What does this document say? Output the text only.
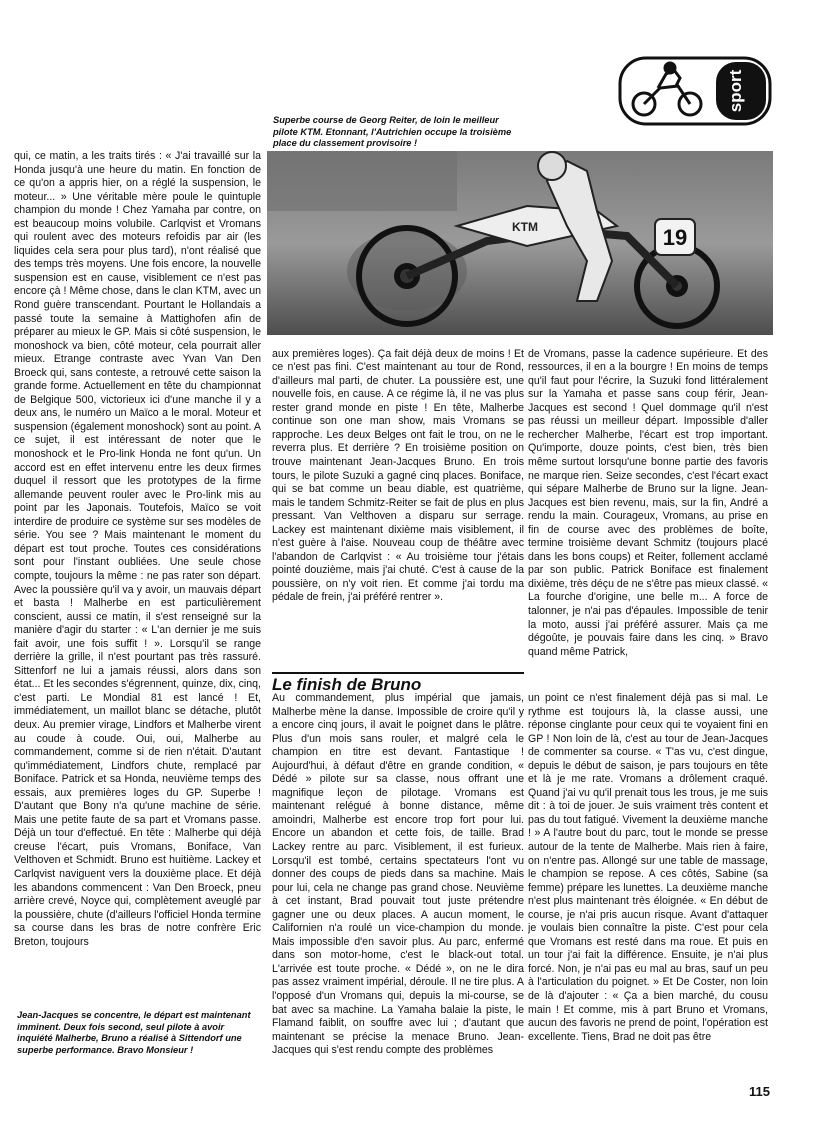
sport
Superbe course de Georg Reiter, de loin le meilleur pilote KTM. Etonnant, l'Autrichien occupe la troisième place du classement provisoire !
KTM	19

qui, ce matin, a les traits tirés : « J'ai travaillé sur la Honda jusqu'à une heure du matin. En fonction de ce qu'on a appris hier, on a réglé la suspension, le moteur... » Une véritable mère poule le quintuple champion du monde ! Chez Yamaha par contre, on est beaucoup moins volubile. Carlqvist et Vromans qui roulent avec des moteurs refoidis par air (les liquides cela sera pour plus tard), n'ont réalisé que des temps très moyens. Une fois encore, la nouvelle suspension est en cause, visiblement ce n'est pas encore çà ! Même chose, dans le clan KTM, avec un Rond guère transcendant. Pourtant le Hollandais a passé toute la semaine à Mattighofen afin de préparer au mieux le GP. Mais si côté suspension, le monoshock va bien, côté moteur, cela pourrait aller mieux. Etrange contraste avec Yvan Van Den Broeck qui, sans conteste, a retrouvé cette saison la grande forme. Actuellement en tête du championnat de Belgique 500, victorieux ici d'une manche il y a deux ans, le numéro un Maïco a le moral. Moteur et suspension (également monoshock) sont au point. A ce sujet, il est intéressant de noter que le monoshock et le Pro-link Honda ne font qu'un. Un accord est en effet intervenu entre les deux firmes duquel il ressort que les prototypes de la firme allemande peuvent rouler avec le Pro-link mis au point par les Japonais. Toutefois, Maïco se voit interdire de produire ce système sur ses modèles de série. You see ? Mais maintenant le moment du départ est tout proche. Toutes ces considérations sont pour l'instant oubliées. Une seule chose compte, toujours la même : ne pas rater son départ. Avec la poussière qu'il va y avoir, un mauvais départ et basta ! Malherbe en est particulièrement conscient, aussi ce matin, il s'est renseigné sur la manière d'agir du starter : « L'an dernier je me suis fait avoir, une fois suffit ! ». Lorsqu'il se range derrière la grille, il n'est pourtant pas très rassuré. Sittenforf ne lui a jamais réussi, alors dans son état... Et les secondes s'égrennent, quinze, dix, cinq, c'est parti. Le Mondial 81 est lancé ! Et, immédiatement, un maillot blanc se détache, plutôt deux. Au premier virage, Lindfors et Malherbe virent au coude à coude. Oui, oui, Malherbe au commandement, comme si de rien n'était. D'autant qu'immédiatement, Lindfors chute, remplacé par Boniface. Patrick et sa Honda, neuvième temps des essais, aux premières loges du GP. Superbe ! D'autant que Bony n'a qu'une machine de série. Mais une petite faute de sa part et Vromans passe. Déjà un tour d'effectué. En tête : Malherbe qui déjà creuse l'écart, puis Vromans, Boniface, Van Velthoven et Schmidt. Bruno est huitième. Lackey et Carlqvist naviguent vers la douxième place. Et déjà les abandons commencent : Van Den Broeck, pneu arrière crevé, Noyce qui, complètement aveuglé par la poussière, chute (d'ailleurs l'officiel Honda termine sa course dans les bras de notre confrère Eric Breton, toujours

aux premières loges). Ça fait déjà deux de moins ! Et ce n'est pas fini. C'est maintenant au tour de Rond, d'ailleurs mal parti, de chuter. La poussière est, une nouvelle fois, en cause. A ce régime là, il ne vas plus rester grand monde en piste ! En tête, Malherbe continue son one man show, mais Vromans se rapproche. Les deux Belges ont fait le trou, on ne le reverra plus. Et derrière ? En troisième position on trouve maintenant Jean-Jacques Bruno. En trois tours, le pilote Suzuki a gagné cinq places. Boniface, qui se bat comme un beau diable, est quatrième, mais le tandem Schmitz-Reiter se fait de plus en plus pressant. Van Velthoven a disparu sur serrage. Lackey est maintenant dixième mais visiblement, il n'est guère à l'aise. Nouveau coup de théâtre avec l'abandon de Carlqvist : « Au troisième tour j'étais pointé douzième, mais j'ai chuté. C'est à cause de la poussière, on n'y voit rien. Et comme j'ai tordu ma pédale de frein, j'ai préféré rentrer ».

de Vromans, passe la cadence supérieure. Et des ressources, il en a la bourgre ! En moins de temps qu'il faut pour l'écrire, la Suzuki fond littéralement sur la Yamaha et passe sans coup férir, Jean-Jacques est second ! Quel dommage qu'il n'est pas réussi un meilleur départ. Impossible d'aller rechercher Malherbe, l'écart est trop important. Qu'importe, douze points, c'est bien, très bien même surtout lorsqu'une bonne partie des favoris ne marque rien. Seize secondes, c'est l'écart exact qui sépare Malherbe de Bruno sur la ligne. Jean-Jacques est bien revenu, mais, sur la fin, André a rendu la main. Courageux, Vromans, au prise en fin de course avec des problèmes de boîte, termine troisième devant Schmitz (toujours placé dans les bons coups) et Reiter, follement acclamé par son public. Patrick Boniface est finalement dixième, très déçu de ne s'être pas mieux classé. « La fourche d'origine, une belle m... A force de talonner, je n'ai pas d'épaules. Impossible de tenir la moto, aussi j'ai préféré assurer. Mais ça me dégoûte, je pouvais faire dans les cinq. » Bravo quand même Patrick,

Le finish de Bruno

Au commandement, plus impérial que jamais, Malherbe mène la danse. Impossible de croire qu'il y a encore cinq jours, il avait le poignet dans le plâtre. Plus d'un mois sans rouler, et malgré cela le champion en titre est devant. Fantastique ! Aujourd'hui, à défaut d'être en grande condition, « Dédé » pilote sur sa classe, nous offrant une magnifique leçon de pilotage. Vromans est maintenant relégué à bonne distance, même amoindri, Malherbe est encore trop fort pour lui. Encore un abandon et cette fois, de taille. Brad Lackey rentre au parc. Visiblement, il est furieux. Lorsqu'il est tombé, certains spectateurs l'ont vu donner des coups de pieds dans sa machine. Mais pour lui, cela ne change pas grand chose. Neuvième à cet instant, Brad pouvait tout juste prétendre gagner une ou deux places. A aucun moment, le Californien n'a roulé un vice-champion du monde. Mais impossible d'en savoir plus. Au parc, enfermé dans son motor-home, c'est le black-out total. L'arrivée est toute proche. « Dédé », on ne le dira pas assez vraiment impérial, déroule. Il ne tire plus. A l'opposé d'un Vromans qui, depuis la mi-course, se bat avec sa machine. La Yamaha balaie la piste, le Flamand faiblit, on souffre avec lui ; d'autant que maintenant se précise la menace Bruno. Jean-Jacques qui s'est rendu compte des problèmes

un point ce n'est finalement déjà pas si mal. Le rythme est toujours là, la classe aussi, une réponse cinglante pour ceux qui te voyaient fini en GP ! Non loin de là, c'est au tour de Jean-Jacques de commenter sa course. « T'as vu, c'est dingue, depuis le début de saison, je pars toujours en tête et là je me rate. Vromans a drôlement craqué. Quand j'ai vu qu'il prenait tous les trous, je me suis dit : à toi de jouer. Je suis vraiment très content et pas du tout fatigué. Vivement la deuxième manche ! » A l'autre bout du parc, tout le monde se presse autour de la tente de Malherbe. Mais rien à faire, on n'entre pas. Allongé sur une table de massage, le champion se repose. A ces côtés, Sabine (sa femme) prépare les lunettes. La deuxième manche n'est plus maintenant très éloignée. « En début de course, je n'ai pris aucun risque. Avant d'attaquer je voulais bien connaître la piste. C'est pour cela que Vromans est resté dans ma roue. Et puis en un tour j'ai fait la différence. Ensuite, je n'ai plus forcé. Non, je n'ai pas eu mal au bras, sauf un peu à l'articulation du poignet. » Et De Coster, non loin de là d'ajouter : « Ça a bien marché, du cousu main ! Et comme, mis à part Bruno et Vromans, aucun des favoris ne prend de point, l'opération est excellente. Tiens, Brad ne doit pas être

Jean-Jacques se concentre, le départ est maintenant imminent. Deux fois second, seul pilote à avoir inquiété Malherbe, Bruno a réalisé à Sittendorf une superbe performance. Bravo Monsieur !
115
